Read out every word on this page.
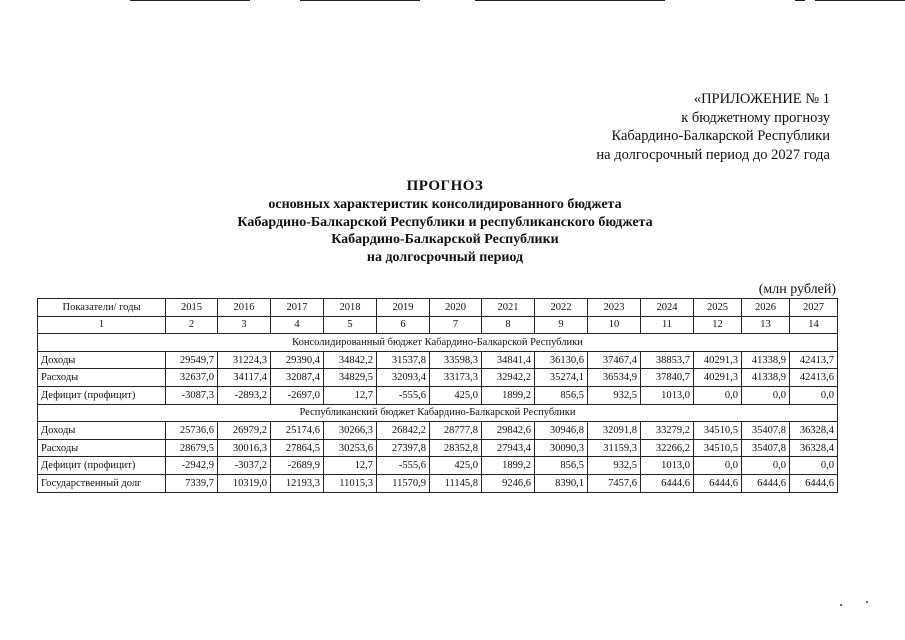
«ПРИЛОЖЕНИЕ № 1
к бюджетному прогнозу
Кабардино-Балкарской Республики
на долгосрочный период до 2027 года
ПРОГНОЗ
основных характеристик консолидированного бюджета
Кабардино-Балкарской Республики и республиканского бюджета
Кабардино-Балкарской Республики
на долгосрочный период
(млн рублей)
Показатели/ годы	2015	2016	2017	2018	2019	2020	2021	2022	2023	2024	2025	2026	2027
1	2	3	4	5	6	7	8	9	10	11	12	13	14
Консолидированный бюджет Кабардино-Балкарской Республики													
Доходы	29549,7	31224,3	29390,4	34842,2	31537,8	33598,3	34841,4	36130,6	37467,4	38853,7	40291,3	41338,9	42413,7
Расходы	32637,0	34117,4	32087,4	34829,5	32093,4	33173,3	32942,2	35274,1	36534,9	37840,7	40291,3	41338,9	42413,6
Дефицит (профицит)	-3087,3	-2893,2	-2697,0	12,7	-555,6	425,0	1899,2	856,5	932,5	1013,0	0,0	0,0	0,0
Республиканский бюджет Кабардино-Балкарской Республики													
Доходы	25736,6	26979,2	25174,6	30266,3	26842,2	28777,8	29842,6	30946,8	32091,8	33279,2	34510,5	35407,8	36328,4
Расходы	28679,5	30016,3	27864,5	30253,6	27397,8	28352,8	27943,4	30090,3	31159,3	32266,2	34510,5	35407,8	36328,4
Дефицит (профицит)	-2942,9	-3037,2	-2689,9	12,7	-555,6	425,0	1899,2	856,5	932,5	1013,0	0,0	0,0	0,0
Государственный долг	7339,7	10319,0	12193,3	11015,3	11570,9	11145,8	9246,6	8390,1	7457,6	6444,6	6444,6	6444,6	6444,6
